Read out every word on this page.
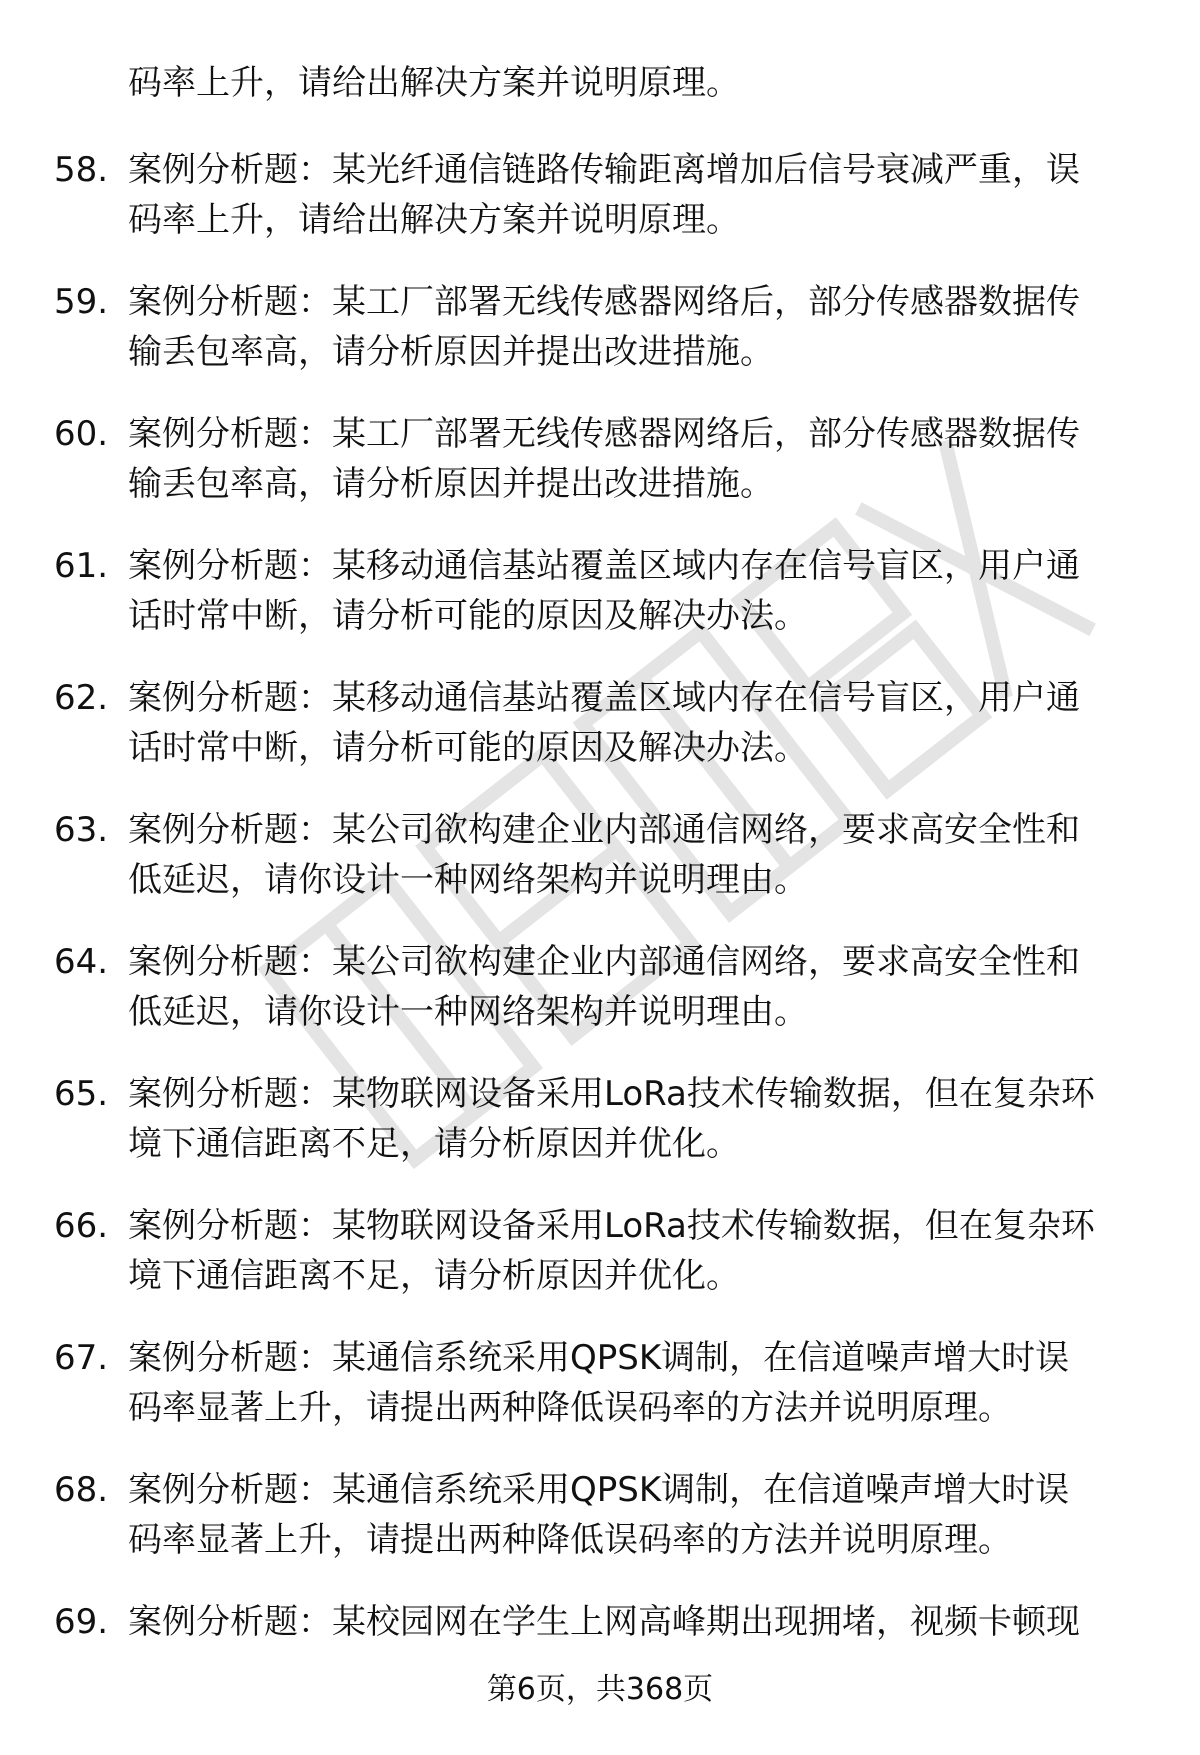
码率上升，请给出解决方案并说明原理。
58. 案例分析题：某光纤通信链路传输距离增加后信号衰减严重，误
码率上升，请给出解决方案并说明原理。
59. 案例分析题：某工厂部署无线传感器网络后，部分传感器数据传
输丢包率高，请分析原因并提出改进措施。
60. 案例分析题：某工厂部署无线传感器网络后，部分传感器数据传
输丢包率高，请分析原因并提出改进措施。
61. 案例分析题：某移动通信基站覆盖区域内存在信号盲区，用户通
话时常中断，请分析可能的原因及解决办法。
62. 案例分析题：某移动通信基站覆盖区域内存在信号盲区，用户通
话时常中断，请分析可能的原因及解决办法。
63. 案例分析题：某公司欲构建企业内部通信网络，要求高安全性和
低延迟，请你设计一种网络架构并说明理由。
64. 案例分析题：某公司欲构建企业内部通信网络，要求高安全性和
低延迟，请你设计一种网络架构并说明理由。
65. 案例分析题：某物联网设备采用LoRa技术传输数据，但在复杂环
境下通信距离不足，请分析原因并优化。
66. 案例分析题：某物联网设备采用LoRa技术传输数据，但在复杂环
境下通信距离不足，请分析原因并优化。
67. 案例分析题：某通信系统采用QPSK调制，在信道噪声增大时误
码率显著上升，请提出两种降低误码率的方法并说明原理。
68. 案例分析题：某通信系统采用QPSK调制，在信道噪声增大时误
码率显著上升，请提出两种降低误码率的方法并说明原理。
69. 案例分析题：某校园网在学生上网高峰期出现拥堵，视频卡顿现
第6页，共368页
